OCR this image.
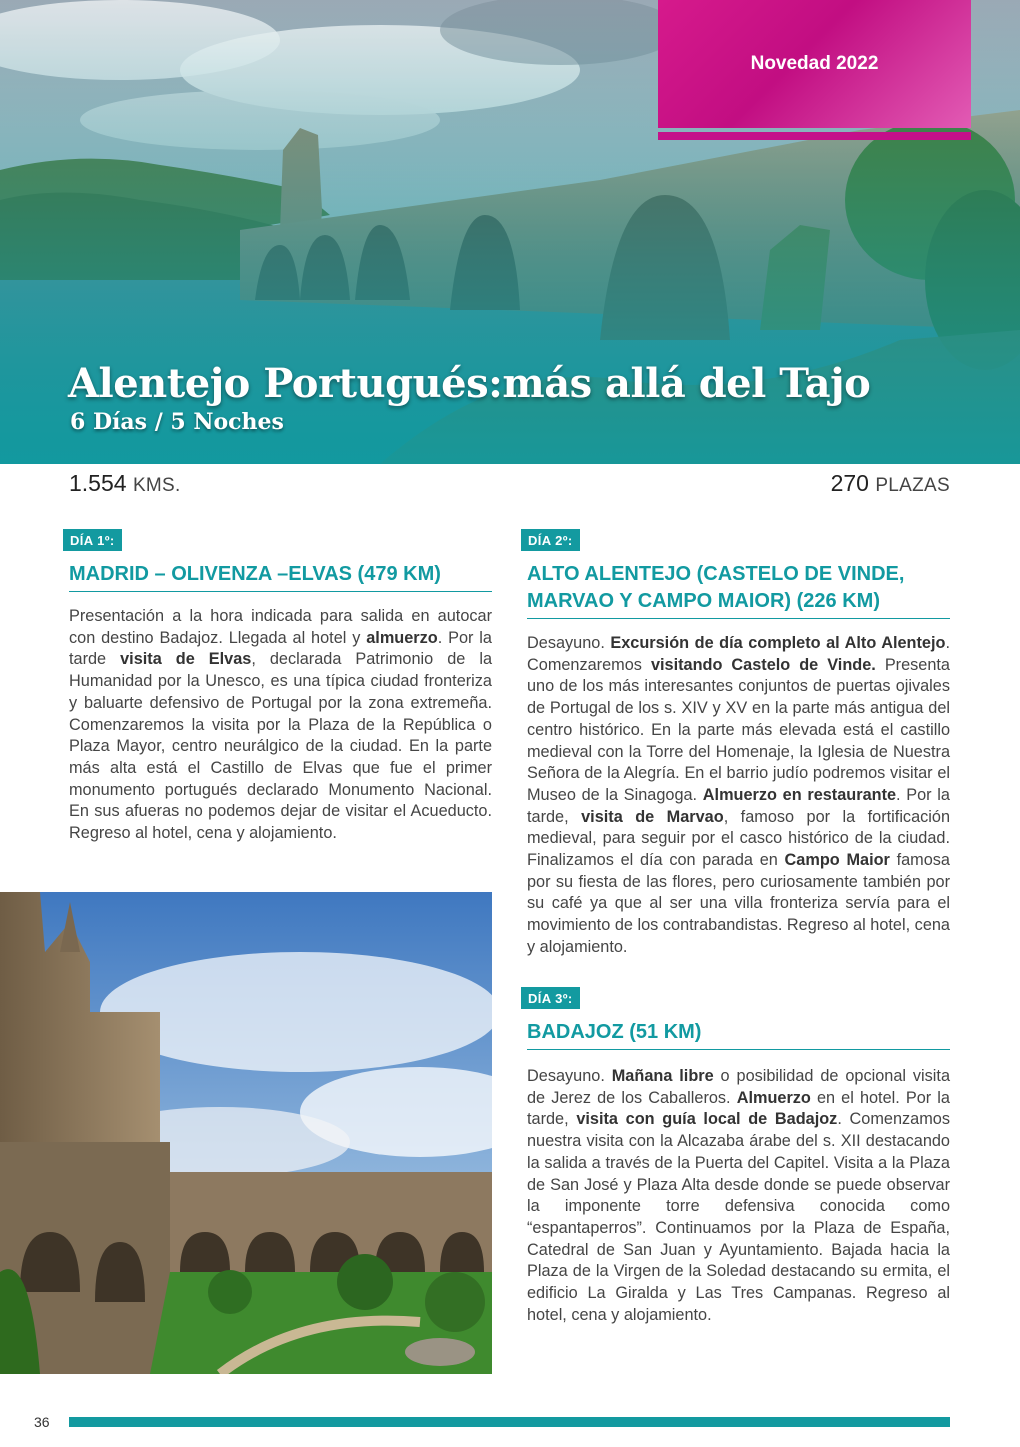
Alentejo Portugués:más allá del Tajo
6 Días / 5 Noches
Novedad 2022
1.554 KMS.	270 PLAZAS
DÍA 1º:
MADRID – OLIVENZA –ELVAS (479 KM)
Presentación a la hora indicada para salida en autocar con destino Badajoz. Llegada al hotel y almuerzo. Por la tarde visita de Elvas, declarada Patrimonio de la Humanidad por la Unesco, es una típica ciudad fronteriza y baluarte defensivo de Portugal por la zona extremeña. Comenzaremos la visita por la Plaza de la República o Plaza Mayor, centro neurálgico de la ciudad. En la parte más alta está el Castillo de Elvas que fue el primer monumento portugués declarado Monumento Nacional. En sus afueras no podemos dejar de visitar el Acueducto. Regreso al hotel, cena y alojamiento.
DÍA 2º:
ALTO ALENTEJO (CASTELO DE VINDE, MARVAO Y CAMPO MAIOR) (226 KM)
Desayuno. Excursión de día completo al Alto Alentejo. Comenzaremos visitando Castelo de Vinde. Presenta uno de los más interesantes conjuntos de puertas ojivales de Portugal de los s. XIV y XV en la parte más antigua del centro histórico. En la parte más elevada está el castillo medieval con la Torre del Homenaje, la Iglesia de Nuestra Señora de la Alegría. En el barrio judío podremos visitar el Museo de la Sinagoga. Almuerzo en restaurante. Por la tarde, visita de Marvao, famoso por la fortificación medieval, para seguir por el casco histórico de la ciudad. Finalizamos el día con parada en Campo Maior famosa por su fiesta de las flores, pero curiosamente también por su café ya que al ser una villa fronteriza servía para el movimiento de los contrabandistas. Regreso al hotel, cena y alojamiento.
DÍA 3º:
BADAJOZ (51 KM)
Desayuno. Mañana libre o posibilidad de opcional visita de Jerez de los Caballeros. Almuerzo en el hotel. Por la tarde, visita con guía local de Badajoz. Comenzamos nuestra visita con la Alcazaba árabe del s. XII destacando la salida a través de la Puerta del Capitel. Visita a la Plaza de San José y Plaza Alta desde donde se puede observar la imponente torre defensiva conocida como “espantaperros”. Continuamos por la Plaza de España, Catedral de San Juan y Ayuntamiento. Bajada hacia la Plaza de la Virgen de la Soledad destacando su ermita, el edificio La Giralda y Las Tres Campanas. Regreso al hotel, cena y alojamiento.
36
